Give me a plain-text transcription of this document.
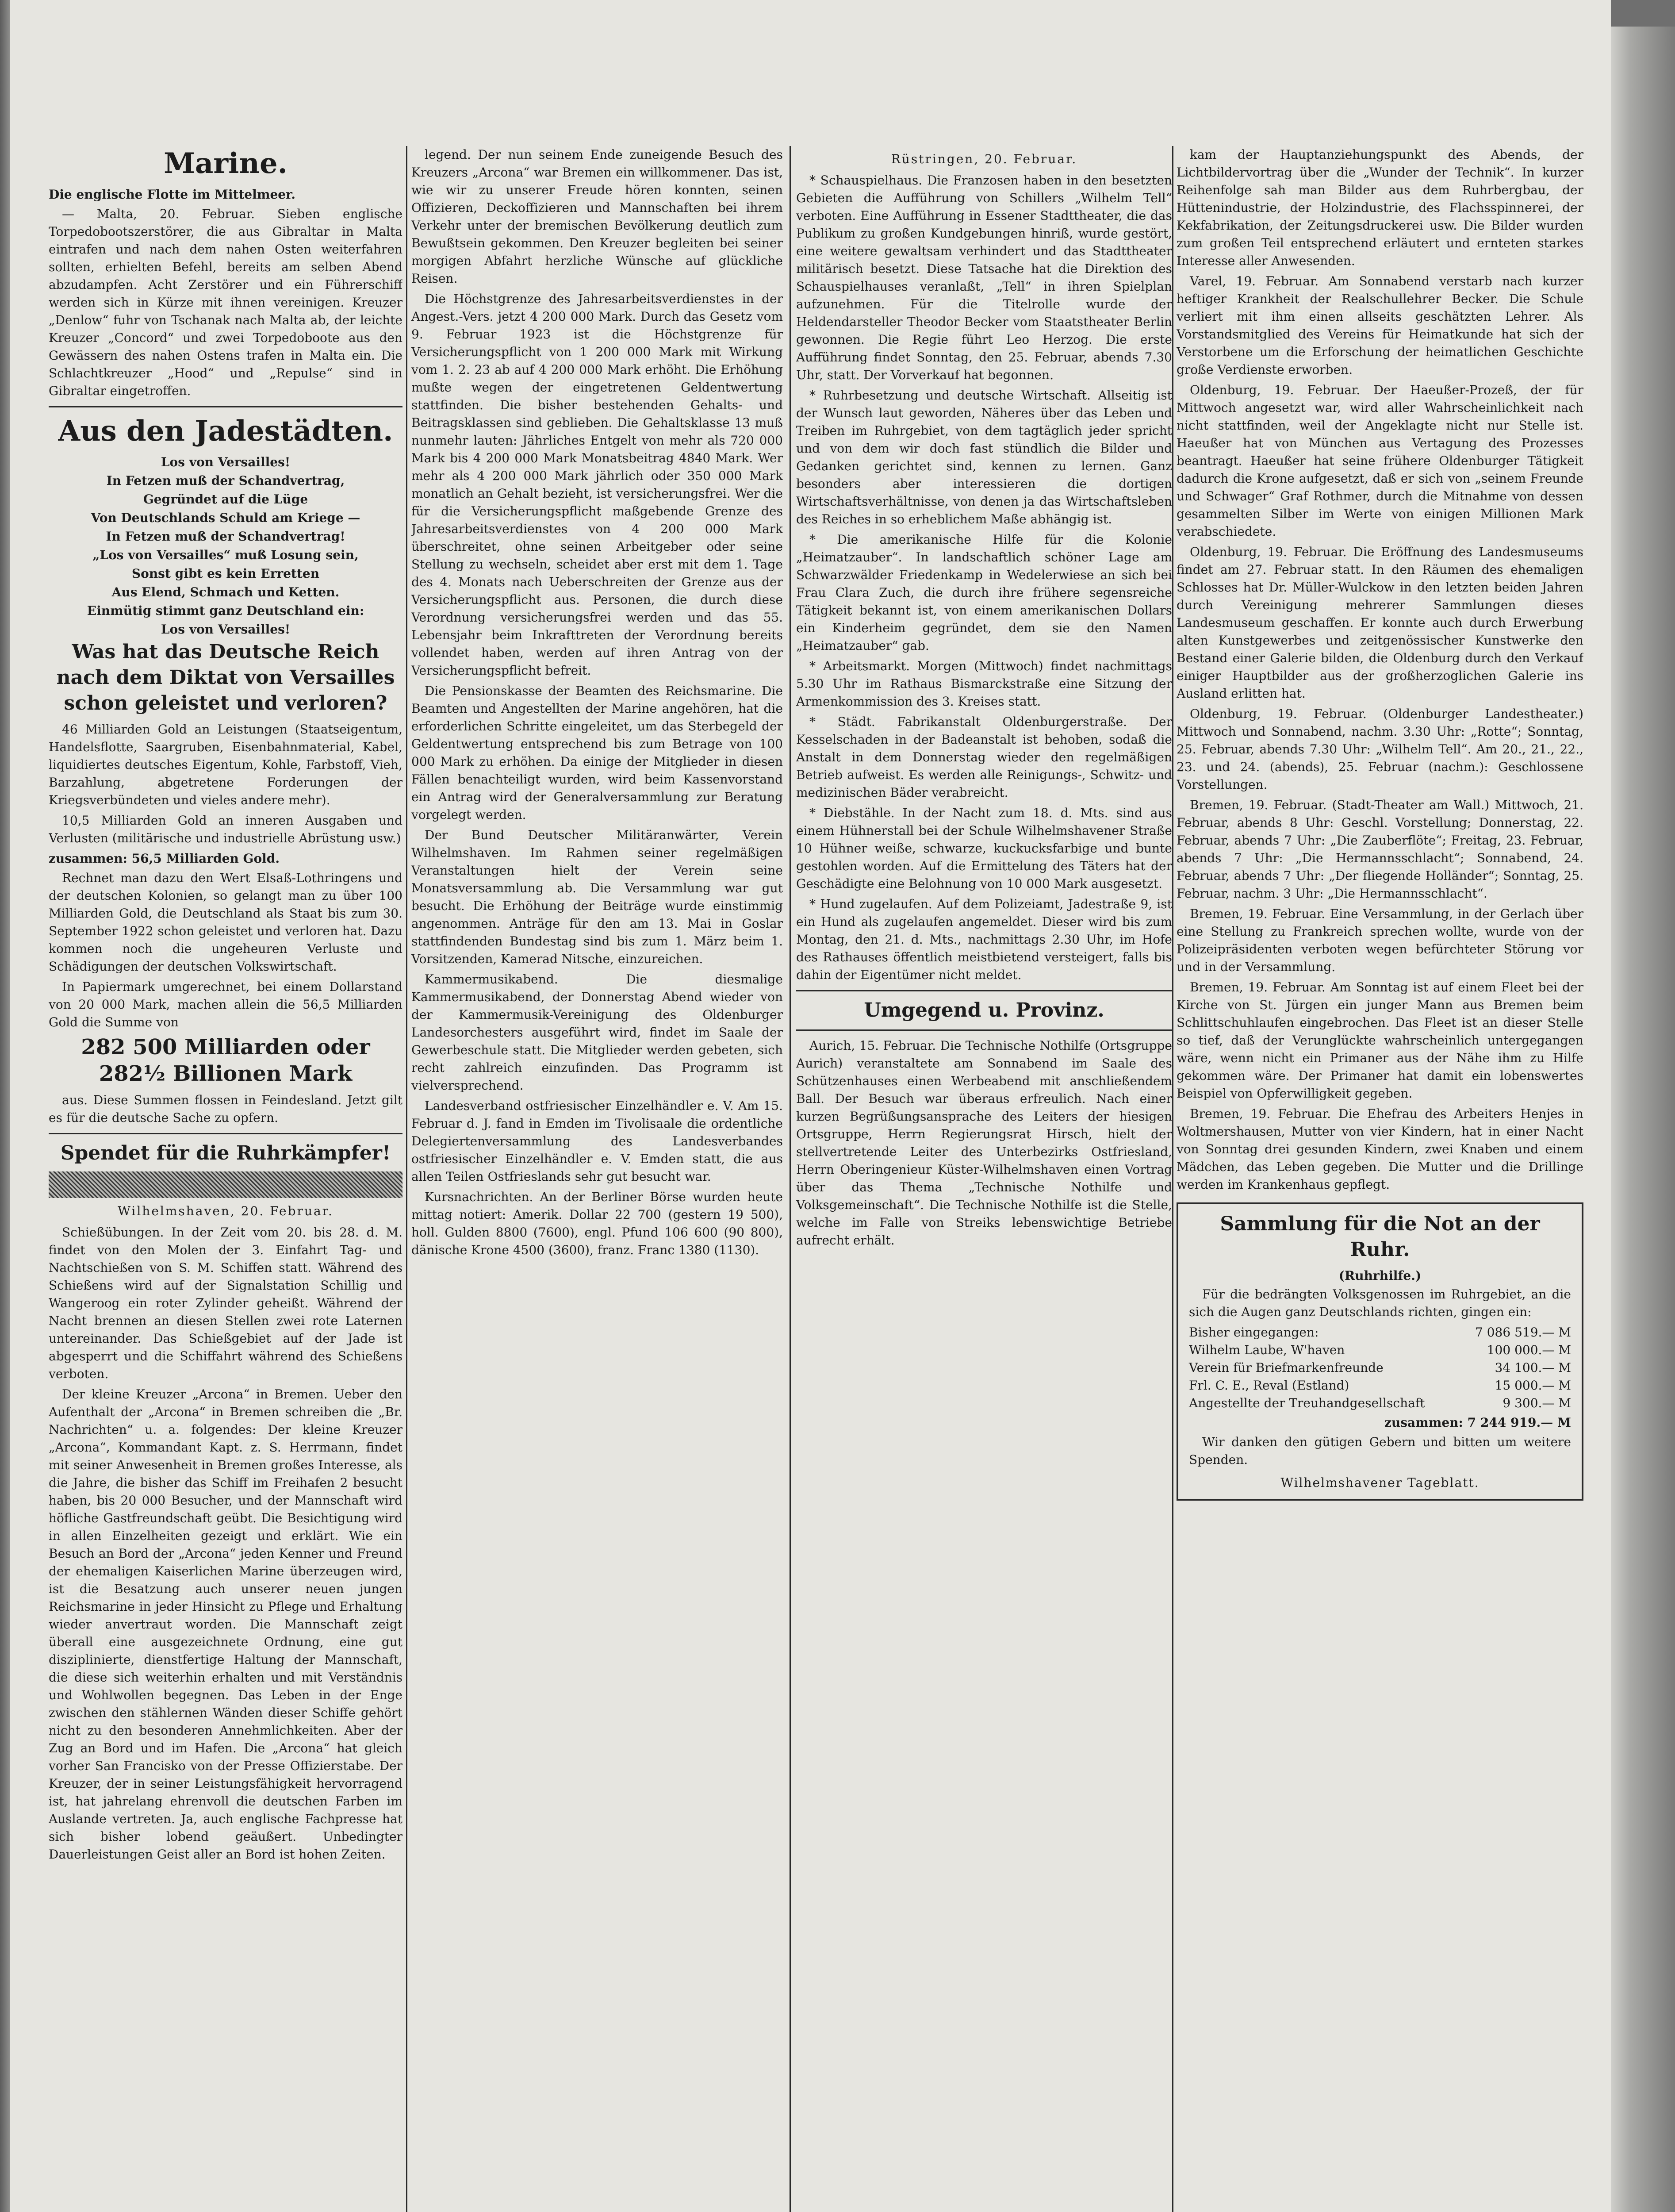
Marine.
Die englische Flotte im Mittelmeer.

— Malta, 20. Februar. Sieben englische Torpedobootszerstörer, die aus Gibraltar in Malta eintrafen und nach dem nahen Osten weiterfahren sollten, erhielten Befehl, bereits am selben Abend abzudampfen. Acht Zerstörer und ein Führerschiff werden sich in Kürze mit ihnen vereinigen. Kreuzer „Denlow“ fuhr von Tschanak nach Malta ab, der leichte Kreuzer „Concord“ und zwei Torpedoboote aus den Gewässern des nahen Ostens trafen in Malta ein. Die Schlachtkreuzer „Hood“ und „Repulse“ sind in Gibraltar eingetroffen.

Aus den Jadestädten.
Los von Versailles!
In Fetzen muß der Schandvertrag,
Gegründet auf die Lüge
Von Deutschlands Schuld am Kriege —
In Fetzen muß der Schandvertrag!
„Los von Versailles“ muß Losung sein,
Sonst gibt es kein Erretten
Aus Elend, Schmach und Ketten.
Einmütig stimmt ganz Deutschland ein:
Los von Versailles!
Was hat das Deutsche Reich nach dem Diktat von Versailles schon geleistet und verloren?

46 Milliarden Gold an Leistungen (Staatseigentum, Handelsflotte, Saargruben, Eisenbahnmaterial, Kabel, liquidiertes deutsches Eigentum, Kohle, Farbstoff, Vieh, Barzahlung, abgetretene Forderungen der Kriegsverbündeten und vieles andere mehr).

10,5 Milliarden Gold an inneren Ausgaben und Verlusten (militärische und industrielle Abrüstung usw.)

zusammen: 56,5 Milliarden Gold.

Rechnet man dazu den Wert Elsaß-Lothringens und der deutschen Kolonien, so gelangt man zu über 100 Milliarden Gold, die Deutschland als Staat bis zum 30. September 1922 schon geleistet und verloren hat. Dazu kommen noch die ungeheuren Verluste und Schädigungen der deutschen Volkswirtschaft.

In Papiermark umgerechnet, bei einem Dollarstand von 20 000 Mark, machen allein die 56,5 Milliarden Gold die Summe von

282 500 Milliarden oder 282½ Billionen Mark

aus. Diese Summen flossen in Feindesland. Jetzt gilt es für die deutsche Sache zu opfern.

Spendet für die Ruhrkämpfer!
Wilhelmshaven, 20. Februar.

Schießübungen. In der Zeit vom 20. bis 28. d. M. findet von den Molen der 3. Einfahrt Tag- und Nachtschießen von S. M. Schiffen statt. Während des Schießens wird auf der Signalstation Schillig und Wangeroog ein roter Zylinder geheißt. Während der Nacht brennen an diesen Stellen zwei rote Laternen untereinander. Das Schießgebiet auf der Jade ist abgesperrt und die Schiffahrt während des Schießens verboten.

Der kleine Kreuzer „Arcona“ in Bremen. Ueber den Aufenthalt der „Arcona“ in Bremen schreiben die „Br. Nachrichten“ u. a. folgendes: Der kleine Kreuzer „Arcona“, Kommandant Kapt. z. S. Herrmann, findet mit seiner Anwesenheit in Bremen großes Interesse, als die Jahre, die bisher das Schiff im Freihafen 2 besucht haben, bis 20 000 Besucher, und der Mannschaft wird höfliche Gastfreundschaft geübt. Die Besichtigung wird in allen Einzelheiten gezeigt und erklärt. Wie ein Besuch an Bord der „Arcona“ jeden Kenner und Freund der ehemaligen Kaiserlichen Marine überzeugen wird, ist die Besatzung auch unserer neuen jungen Reichsmarine in jeder Hinsicht zu Pflege und Erhaltung wieder anvertraut worden. Die Mannschaft zeigt überall eine ausgezeichnete Ordnung, eine gut disziplinierte, dienstfertige Haltung der Mannschaft, die diese sich weiterhin erhalten und mit Verständnis und Wohlwollen begegnen. Das Leben in der Enge zwischen den stählernen Wänden dieser Schiffe gehört nicht zu den besonderen Annehmlichkeiten. Aber der Zug an Bord und im Hafen. Die „Arcona“ hat gleich vorher San Francisko von der Presse Offizierstabe. Der Kreuzer, der in seiner Leistungsfähigkeit hervorragend ist, hat jahrelang ehrenvoll die deutschen Farben im Auslande vertreten. Ja, auch englische Fachpresse hat sich bisher lobend geäußert. Unbedingter Dauerleistungen Geist aller an Bord ist hohen Zeiten.

legend. Der nun seinem Ende zuneigende Besuch des Kreuzers „Arcona“ war Bremen ein willkommener. Das ist, wie wir zu unserer Freude hören konnten, seinen Offizieren, Deckoffizieren und Mannschaften bei ihrem Verkehr unter der bremischen Bevölkerung deutlich zum Bewußtsein gekommen. Den Kreuzer begleiten bei seiner morgigen Abfahrt herzliche Wünsche auf glückliche Reisen.

Die Höchstgrenze des Jahresarbeitsverdienstes in der Angest.-Vers. jetzt 4 200 000 Mark. Durch das Gesetz vom 9. Februar 1923 ist die Höchstgrenze für Versicherungspflicht von 1 200 000 Mark mit Wirkung vom 1. 2. 23 ab auf 4 200 000 Mark erhöht. Die Erhöhung mußte wegen der eingetretenen Geldentwertung stattfinden. Die bisher bestehenden Gehalts- und Beitragsklassen sind geblieben. Die Gehaltsklasse 13 muß nunmehr lauten: Jährliches Entgelt von mehr als 720 000 Mark bis 4 200 000 Mark Monatsbeitrag 4840 Mark. Wer mehr als 4 200 000 Mark jährlich oder 350 000 Mark monatlich an Gehalt bezieht, ist versicherungsfrei. Wer die für die Versicherungspflicht maßgebende Grenze des Jahresarbeitsverdienstes von 4 200 000 Mark überschreitet, ohne seinen Arbeitgeber oder seine Stellung zu wechseln, scheidet aber erst mit dem 1. Tage des 4. Monats nach Ueberschreiten der Grenze aus der Versicherungspflicht aus. Personen, die durch diese Verordnung versicherungsfrei werden und das 55. Lebensjahr beim Inkrafttreten der Verordnung bereits vollendet haben, werden auf ihren Antrag von der Versicherungspflicht befreit.

Die Pensionskasse der Beamten des Reichsmarine. Die Beamten und Angestellten der Marine angehören, hat die erforderlichen Schritte eingeleitet, um das Sterbegeld der Geldentwertung entsprechend bis zum Betrage von 100 000 Mark zu erhöhen. Da einige der Mitglieder in diesen Fällen benachteiligt wurden, wird beim Kassenvorstand ein Antrag wird der Generalversammlung zur Beratung vorgelegt werden.

Der Bund Deutscher Militäranwärter, Verein Wilhelmshaven. Im Rahmen seiner regelmäßigen Veranstaltungen hielt der Verein seine Monatsversammlung ab. Die Versammlung war gut besucht. Die Erhöhung der Beiträge wurde einstimmig angenommen. Anträge für den am 13. Mai in Goslar stattfindenden Bundestag sind bis zum 1. März beim 1. Vorsitzenden, Kamerad Nitsche, einzureichen.

Kammermusikabend. Die diesmalige Kammermusikabend, der Donnerstag Abend wieder von der Kammermusik-Vereinigung des Oldenburger Landesorchesters ausgeführt wird, findet im Saale der Gewerbeschule statt. Die Mitglieder werden gebeten, sich recht zahlreich einzufinden. Das Programm ist vielversprechend.

Landesverband ostfriesischer Einzelhändler e. V. Am 15. Februar d. J. fand in Emden im Tivolisaale die ordentliche Delegiertenversammlung des Landesverbandes ostfriesischer Einzelhändler e. V. Emden statt, die aus allen Teilen Ostfrieslands sehr gut besucht war.

Kursnachrichten. An der Berliner Börse wurden heute mittag notiert: Amerik. Dollar 22 700 (gestern 19 500), holl. Gulden 8800 (7600), engl. Pfund 106 600 (90 800), dänische Krone 4500 (3600), franz. Franc 1380 (1130).

Rüstringen, 20. Februar.

* Schauspielhaus. Die Franzosen haben in den besetzten Gebieten die Aufführung von Schillers „Wilhelm Tell“ verboten. Eine Aufführung in Essener Stadttheater, die das Publikum zu großen Kundgebungen hinriß, wurde gestört, eine weitere gewaltsam verhindert und das Stadttheater militärisch besetzt. Diese Tatsache hat die Direktion des Schauspielhauses veranlaßt, „Tell“ in ihren Spielplan aufzunehmen. Für die Titelrolle wurde der Heldendarsteller Theodor Becker vom Staatstheater Berlin gewonnen. Die Regie führt Leo Herzog. Die erste Aufführung findet Sonntag, den 25. Februar, abends 7.30 Uhr, statt. Der Vorverkauf hat begonnen.

* Ruhrbesetzung und deutsche Wirtschaft. Allseitig ist der Wunsch laut geworden, Näheres über das Leben und Treiben im Ruhrgebiet, von dem tagtäglich jeder spricht und von dem wir doch fast stündlich die Bilder und Gedanken gerichtet sind, kennen zu lernen. Ganz besonders aber interessieren die dortigen Wirtschaftsverhältnisse, von denen ja das Wirtschaftsleben des Reiches in so erheblichem Maße abhängig ist.

* Die amerikanische Hilfe für die Kolonie „Heimatzauber“. In landschaftlich schöner Lage am Schwarzwälder Friedenkamp in Wedelerwiese an sich bei Frau Clara Zuch, die durch ihre frühere segensreiche Tätigkeit bekannt ist, von einem amerikanischen Dollars ein Kinderheim gegründet, dem sie den Namen „Heimatzauber“ gab.

* Arbeitsmarkt. Morgen (Mittwoch) findet nachmittags 5.30 Uhr im Rathaus Bismarckstraße eine Sitzung der Armenkommission des 3. Kreises statt.

* Städt. Fabrikanstalt Oldenburgerstraße. Der Kesselschaden in der Badeanstalt ist behoben, sodaß die Anstalt in dem Donnerstag wieder den regelmäßigen Betrieb aufweist. Es werden alle Reinigungs-, Schwitz- und medizinischen Bäder verabreicht.

* Diebstähle. In der Nacht zum 18. d. Mts. sind aus einem Hühnerstall bei der Schule Wilhelmshavener Straße 10 Hühner weiße, schwarze, kuckucksfarbige und bunte gestohlen worden. Auf die Ermittelung des Täters hat der Geschädigte eine Belohnung von 10 000 Mark ausgesetzt.

* Hund zugelaufen. Auf dem Polizeiamt, Jadestraße 9, ist ein Hund als zugelaufen angemeldet. Dieser wird bis zum Montag, den 21. d. Mts., nachmittags 2.30 Uhr, im Hofe des Rathauses öffentlich meistbietend versteigert, falls bis dahin der Eigentümer nicht meldet.

Umgegend u. Provinz.

Aurich, 15. Februar. Die Technische Nothilfe (Ortsgruppe Aurich) veranstaltete am Sonnabend im Saale des Schützenhauses einen Werbeabend mit anschließendem Ball. Der Besuch war überaus erfreulich. Nach einer kurzen Begrüßungsansprache des Leiters der hiesigen Ortsgruppe, Herrn Regierungsrat Hirsch, hielt der stellvertretende Leiter des Unterbezirks Ostfriesland, Herrn Oberingenieur Küster-Wilhelmshaven einen Vortrag über das Thema „Technische Nothilfe und Volksgemeinschaft“. Die Technische Nothilfe ist die Stelle, welche im Falle von Streiks lebenswichtige Betriebe aufrecht erhält.

kam der Hauptanziehungspunkt des Abends, der Lichtbildervortrag über die „Wunder der Technik“. In kurzer Reihenfolge sah man Bilder aus dem Ruhrbergbau, der Hüttenindustrie, der Holzindustrie, des Flachsspinnerei, der Kekfabrikation, der Zeitungsdruckerei usw. Die Bilder wurden zum großen Teil entsprechend erläutert und ernteten starkes Interesse aller Anwesenden.

Varel, 19. Februar. Am Sonnabend verstarb nach kurzer heftiger Krankheit der Realschullehrer Becker. Die Schule verliert mit ihm einen allseits geschätzten Lehrer. Als Vorstandsmitglied des Vereins für Heimatkunde hat sich der Verstorbene um die Erforschung der heimatlichen Geschichte große Verdienste erworben.

Oldenburg, 19. Februar. Der Haeußer-Prozeß, der für Mittwoch angesetzt war, wird aller Wahrscheinlichkeit nach nicht stattfinden, weil der Angeklagte nicht nur Stelle ist. Haeußer hat von München aus Vertagung des Prozesses beantragt. Haeußer hat seine frühere Oldenburger Tätigkeit dadurch die Krone aufgesetzt, daß er sich von „seinem Freunde und Schwager“ Graf Rothmer, durch die Mitnahme von dessen gesammelten Silber im Werte von einigen Millionen Mark verabschiedete.

Oldenburg, 19. Februar. Die Eröffnung des Landesmuseums findet am 27. Februar statt. In den Räumen des ehemaligen Schlosses hat Dr. Müller-Wulckow in den letzten beiden Jahren durch Vereinigung mehrerer Sammlungen dieses Landesmuseum geschaffen. Er konnte auch durch Erwerbung alten Kunstgewerbes und zeitgenössischer Kunstwerke den Bestand einer Galerie bilden, die Oldenburg durch den Verkauf einiger Hauptbilder aus der großherzoglichen Galerie ins Ausland erlitten hat.

Oldenburg, 19. Februar. (Oldenburger Landestheater.) Mittwoch und Sonnabend, nachm. 3.30 Uhr: „Rotte“; Sonntag, 25. Februar, abends 7.30 Uhr: „Wilhelm Tell“. Am 20., 21., 22., 23. und 24. (abends), 25. Februar (nachm.): Geschlossene Vorstellungen.

Bremen, 19. Februar. (Stadt-Theater am Wall.) Mittwoch, 21. Februar, abends 8 Uhr: Geschl. Vorstellung; Donnerstag, 22. Februar, abends 7 Uhr: „Die Zauberflöte“; Freitag, 23. Februar, abends 7 Uhr: „Die Hermannsschlacht“; Sonnabend, 24. Februar, abends 7 Uhr: „Der fliegende Holländer“; Sonntag, 25. Februar, nachm. 3 Uhr: „Die Hermannsschlacht“.

Bremen, 19. Februar. Eine Versammlung, in der Gerlach über eine Stellung zu Frankreich sprechen wollte, wurde von der Polizeipräsidenten verboten wegen befürchteter Störung vor und in der Versammlung.

Bremen, 19. Februar. Am Sonntag ist auf einem Fleet bei der Kirche von St. Jürgen ein junger Mann aus Bremen beim Schlittschuhlaufen eingebrochen. Das Fleet ist an dieser Stelle so tief, daß der Verunglückte wahrscheinlich untergegangen wäre, wenn nicht ein Primaner aus der Nähe ihm zu Hilfe gekommen wäre. Der Primaner hat damit ein lobenswertes Beispiel von Opferwilligkeit gegeben.

Bremen, 19. Februar. Die Ehefrau des Arbeiters Henjes in Woltmershausen, Mutter von vier Kindern, hat in einer Nacht von Sonntag drei gesunden Kindern, zwei Knaben und einem Mädchen, das Leben gegeben. Die Mutter und die Drillinge werden im Krankenhaus gepflegt.

Sammlung für die Not an der Ruhr.
(Ruhrhilfe.)

Für die bedrängten Volksgenossen im Ruhrgebiet, an die sich die Augen ganz Deutschlands richten, gingen ein:

Bisher eingegangen:	7 086 519.— M
Wilhelm Laube, W'haven	100 000.— M
Verein für Briefmarkenfreunde	34 100.— M
Frl. C. E., Reval (Estland)	15 000.— M
Angestellte der Treuhandgesellschaft	9 300.— M
zusammen: 7 244 919.— M

Wir danken den gütigen Gebern und bitten um weitere Spenden.

Wilhelmshavener Tageblatt.
